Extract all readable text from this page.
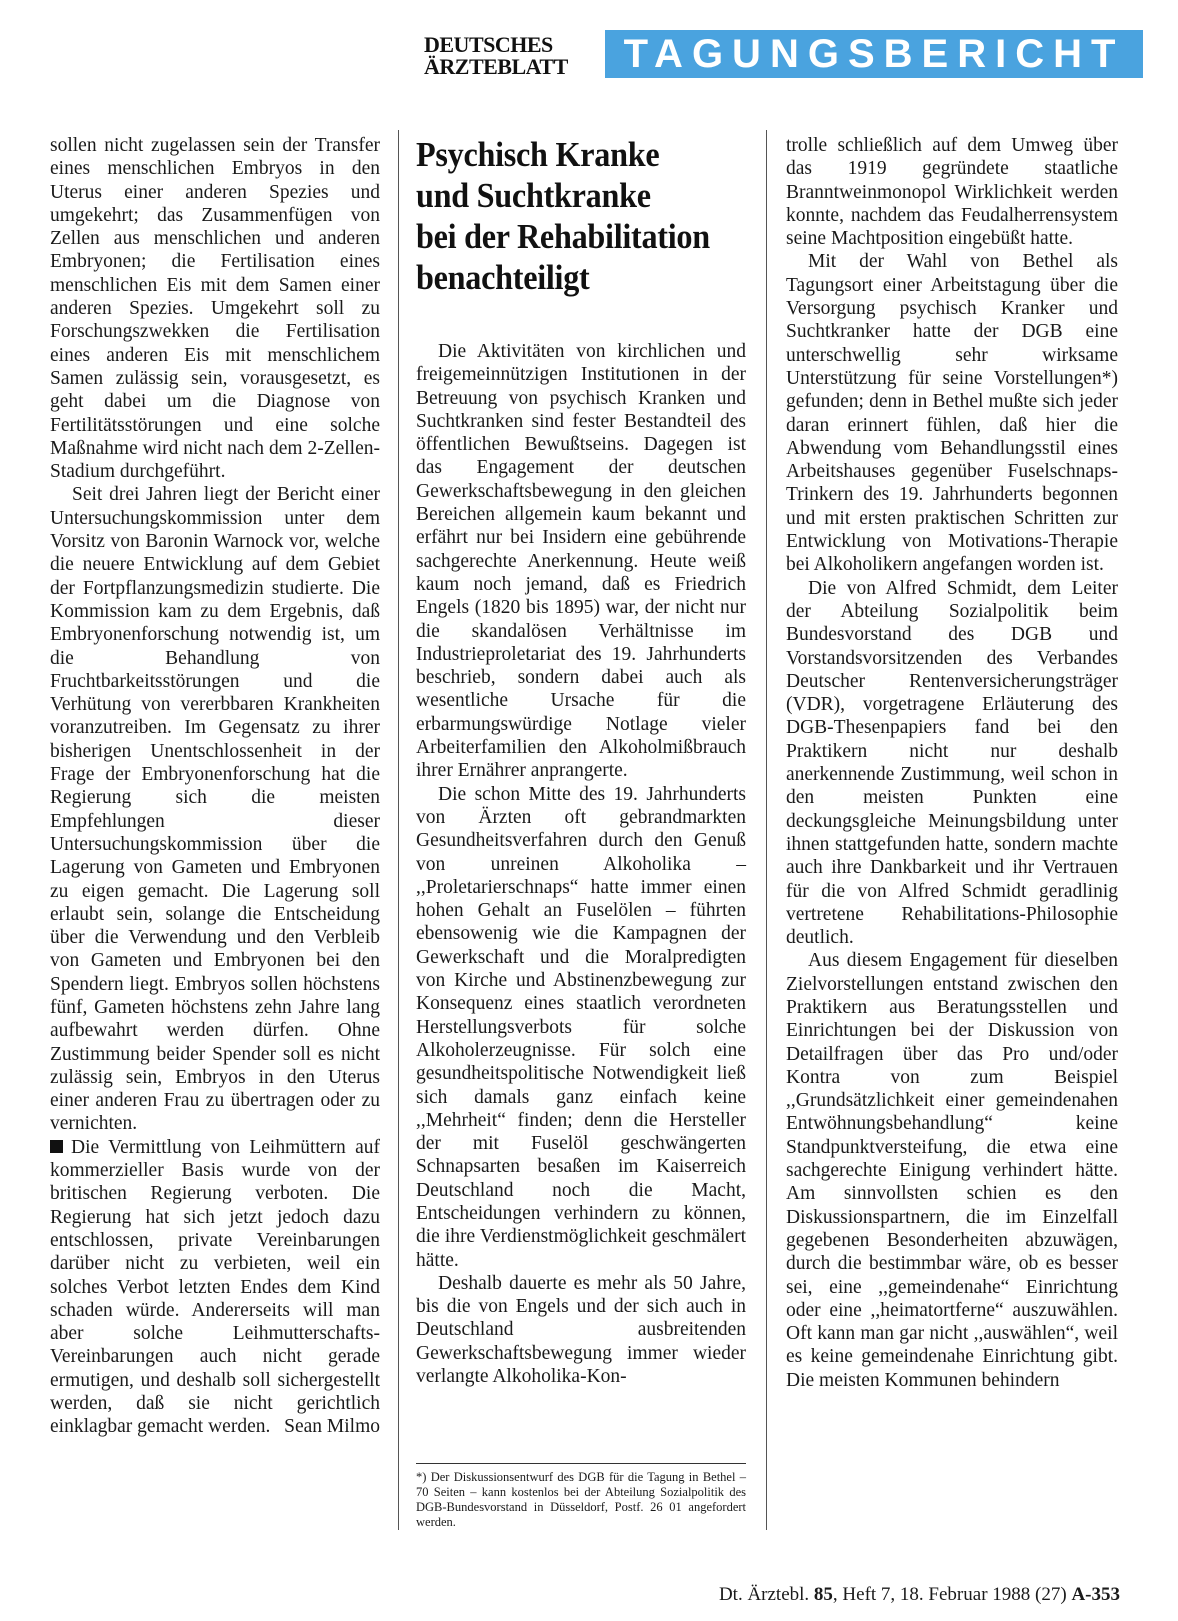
DEUTSCHES
ÄRZTEBLATT	TAGUNGSBERICHT

sollen nicht zugelassen sein der Transfer eines menschlichen Embryos in den Uterus einer anderen Spezies und umgekehrt; das Zusammenfügen von Zellen aus menschlichen und anderen Embryonen; die Fertilisation eines menschlichen Eis mit dem Samen einer anderen Spezies. Umgekehrt soll zu Forschungszwekken die Fertilisation eines anderen Eis mit menschlichem Samen zulässig sein, vorausgesetzt, es geht dabei um die Diagnose von Fertilitätsstörungen und eine solche Maßnahme wird nicht nach dem 2-Zellen-Stadium durchgeführt.

Seit drei Jahren liegt der Bericht einer Untersuchungskommission unter dem Vorsitz von Baronin Warnock vor, welche die neuere Entwicklung auf dem Gebiet der Fortpflanzungsmedizin studierte. Die Kommission kam zu dem Ergebnis, daß Embryonenforschung notwendig ist, um die Behandlung von Fruchtbarkeitsstörungen und die Verhütung von vererbbaren Krankheiten voranzutreiben. Im Gegensatz zu ihrer bisherigen Unentschlossenheit in der Frage der Embryonenforschung hat die Regierung sich die meisten Empfehlungen dieser Untersuchungskommission über die Lagerung von Gameten und Embryonen zu eigen gemacht. Die Lagerung soll erlaubt sein, solange die Entscheidung über die Verwendung und den Verbleib von Gameten und Embryonen bei den Spendern liegt. Embryos sollen höchstens fünf, Gameten höchstens zehn Jahre lang aufbewahrt werden dürfen. Ohne Zustimmung beider Spender soll es nicht zulässig sein, Embryos in den Uterus einer anderen Frau zu übertragen oder zu vernichten.

Die Vermittlung von Leihmüttern auf kommerzieller Basis wurde von der britischen Regierung verboten. Die Regierung hat sich jetzt jedoch dazu entschlossen, private Vereinbarungen darüber nicht zu verbieten, weil ein solches Verbot letzten Endes dem Kind schaden würde. Andererseits will man aber solche Leihmutterschafts-Vereinbarungen auch nicht gerade ermutigen, und deshalb soll sichergestellt werden, daß sie nicht gerichtlich einklagbar gemacht werden. Sean Milmo

Psychisch Kranke
und Suchtkranke
bei der Rehabilitation
benachteiligt

Die Aktivitäten von kirchlichen und freigemeinnützigen Institutionen in der Betreuung von psychisch Kranken und Suchtkranken sind fester Bestandteil des öffentlichen Bewußtseins. Dagegen ist das Engagement der deutschen Gewerkschaftsbewegung in den gleichen Bereichen allgemein kaum bekannt und erfährt nur bei Insidern eine gebührende sachgerechte Anerkennung. Heute weiß kaum noch jemand, daß es Friedrich Engels (1820 bis 1895) war, der nicht nur die skandalösen Verhältnisse im Industrieproletariat des 19. Jahrhunderts beschrieb, sondern dabei auch als wesentliche Ursache für die erbarmungswürdige Notlage vieler Arbeiterfamilien den Alkoholmißbrauch ihrer Ernährer anprangerte.

Die schon Mitte des 19. Jahrhunderts von Ärzten oft gebrandmarkten Gesundheitsverfahren durch den Genuß von unreinen Alkoholika – ,,Proletarierschnaps“ hatte immer einen hohen Gehalt an Fuselölen – führten ebensowenig wie die Kampagnen der Gewerkschaft und die Moralpredigten von Kirche und Abstinenzbewegung zur Konsequenz eines staatlich verordneten Herstellungsverbots für solche Alkoholerzeugnisse. Für solch eine gesundheitspolitische Notwendigkeit ließ sich damals ganz einfach keine ,,Mehrheit“ finden; denn die Hersteller der mit Fuselöl geschwängerten Schnapsarten besaßen im Kaiserreich Deutschland noch die Macht, Entscheidungen verhindern zu können, die ihre Verdienstmöglichkeit geschmälert hätte.

Deshalb dauerte es mehr als 50 Jahre, bis die von Engels und der sich auch in Deutschland ausbreitenden Gewerkschaftsbewegung immer wieder verlangte Alkoholika-Kon-

*) Der Diskussionsentwurf des DGB für die Tagung in Bethel – 70 Seiten – kann kostenlos bei der Abteilung Sozialpolitik des DGB-Bundesvorstand in Düsseldorf, Postf. 26 01 angefordert werden.

trolle schließlich auf dem Umweg über das 1919 gegründete staatliche Branntweinmonopol Wirklichkeit werden konnte, nachdem das Feudalherrensystem seine Machtposition eingebüßt hatte.

Mit der Wahl von Bethel als Tagungsort einer Arbeitstagung über die Versorgung psychisch Kranker und Suchtkranker hatte der DGB eine unterschwellig sehr wirksame Unterstützung für seine Vorstellungen*) gefunden; denn in Bethel mußte sich jeder daran erinnert fühlen, daß hier die Abwendung vom Behandlungsstil eines Arbeitshauses gegenüber Fuselschnaps-Trinkern des 19. Jahrhunderts begonnen und mit ersten praktischen Schritten zur Entwicklung von Motivations-Therapie bei Alkoholikern angefangen worden ist.

Die von Alfred Schmidt, dem Leiter der Abteilung Sozialpolitik beim Bundesvorstand des DGB und Vorstandsvorsitzenden des Verbandes Deutscher Rentenversicherungsträger (VDR), vorgetragene Erläuterung des DGB-Thesenpapiers fand bei den Praktikern nicht nur deshalb anerkennende Zustimmung, weil schon in den meisten Punkten eine deckungsgleiche Meinungsbildung unter ihnen stattgefunden hatte, sondern machte auch ihre Dankbarkeit und ihr Vertrauen für die von Alfred Schmidt geradlinig vertretene Rehabilitations-Philosophie deutlich.

Aus diesem Engagement für dieselben Zielvorstellungen entstand zwischen den Praktikern aus Beratungsstellen und Einrichtungen bei der Diskussion von Detailfragen über das Pro und/oder Kontra von zum Beispiel ,,Grundsätzlichkeit einer gemeindenahen Entwöhnungsbehandlung“ keine Standpunktversteifung, die etwa eine sachgerechte Einigung verhindert hätte. Am sinnvollsten schien es den Diskussionspartnern, die im Einzelfall gegebenen Besonderheiten abzuwägen, durch die bestimmbar wäre, ob es besser sei, eine ,,gemeindenahe“ Einrichtung oder eine ,,heimatortferne“ auszuwählen. Oft kann man gar nicht ,,auswählen“, weil es keine gemeindenahe Einrichtung gibt. Die meisten Kommunen behindern

Dt. Ärztebl. 85, Heft 7, 18. Februar 1988 (27) A-353
